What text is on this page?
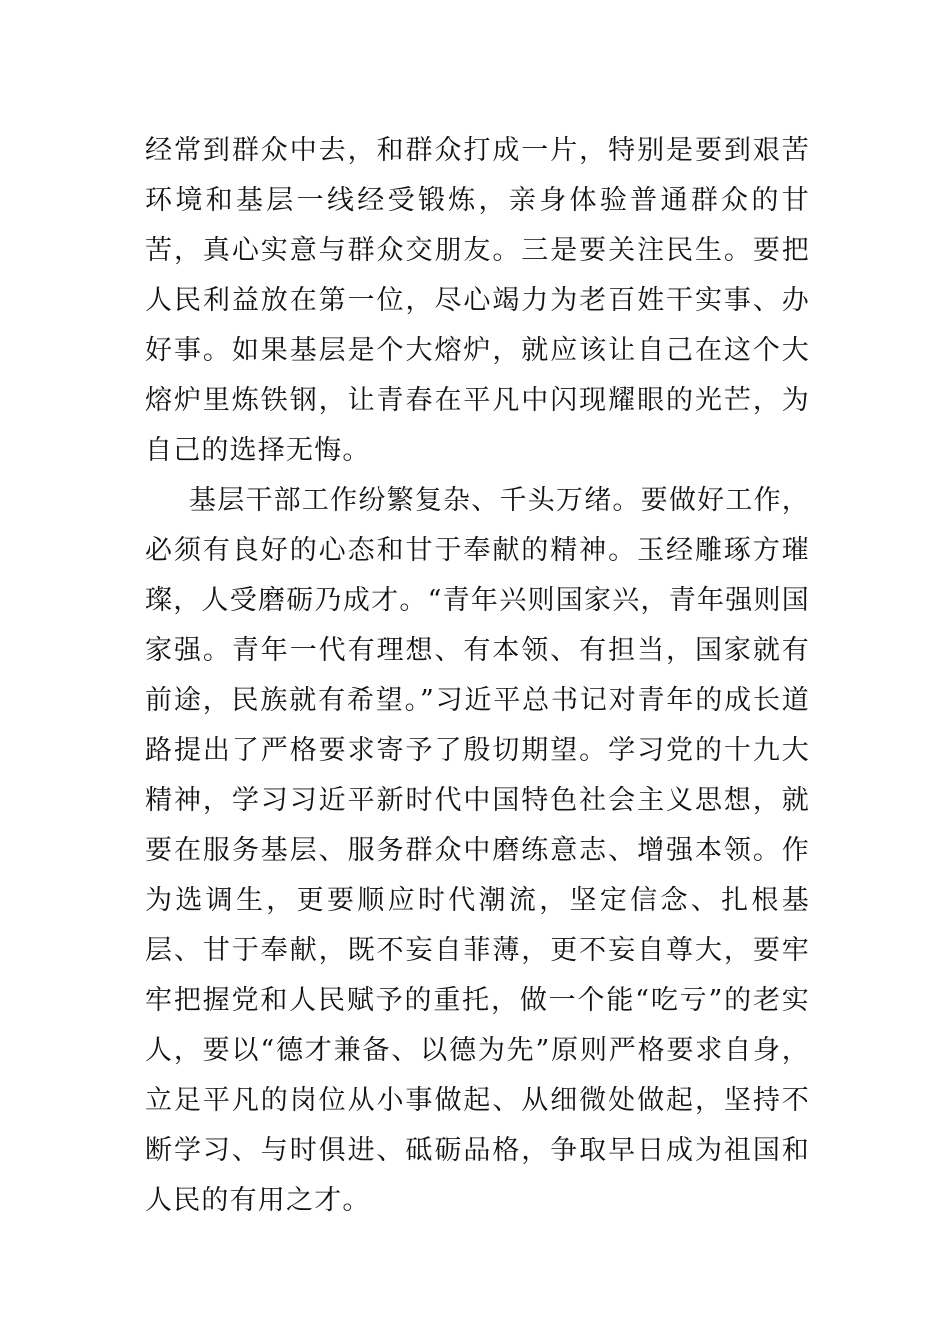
经常到群众中去，和群众打成一片，特别是要到艰苦环境和基层一线经受锻炼，亲身体验普通群众的甘苦，真心实意与群众交朋友。三是要关注民生。要把人民利益放在第一位，尽心竭力为老百姓干实事、办好事。如果基层是个大熔炉，就应该让自己在这个大熔炉里炼铁钢，让青春在平凡中闪现耀眼的光芒，为自己的选择无悔。

基层干部工作纷繁复杂、千头万绪。要做好工作，必须有良好的心态和甘于奉献的精神。玉经雕琢方璀璨，人受磨砺乃成才。“青年兴则国家兴，青年强则国家强。青年一代有理想、有本领、有担当，国家就有前途，民族就有希望。”习近平总书记对青年的成长道路提出了严格要求寄予了殷切期望。学习党的十九大精神，学习习近平新时代中国特色社会主义思想，就要在服务基层、服务群众中磨练意志、增强本领。作为选调生，更要顺应时代潮流，坚定信念、扎根基层、甘于奉献，既不妄自菲薄，更不妄自尊大，要牢牢把握党和人民赋予的重托，做一个能“吃亏”的老实人，要以“德才兼备、以德为先”原则严格要求自身，立足平凡的岗位从小事做起、从细微处做起，坚持不断学习、与时俱进、砥砺品格，争取早日成为祖国和人民的有用之才。
